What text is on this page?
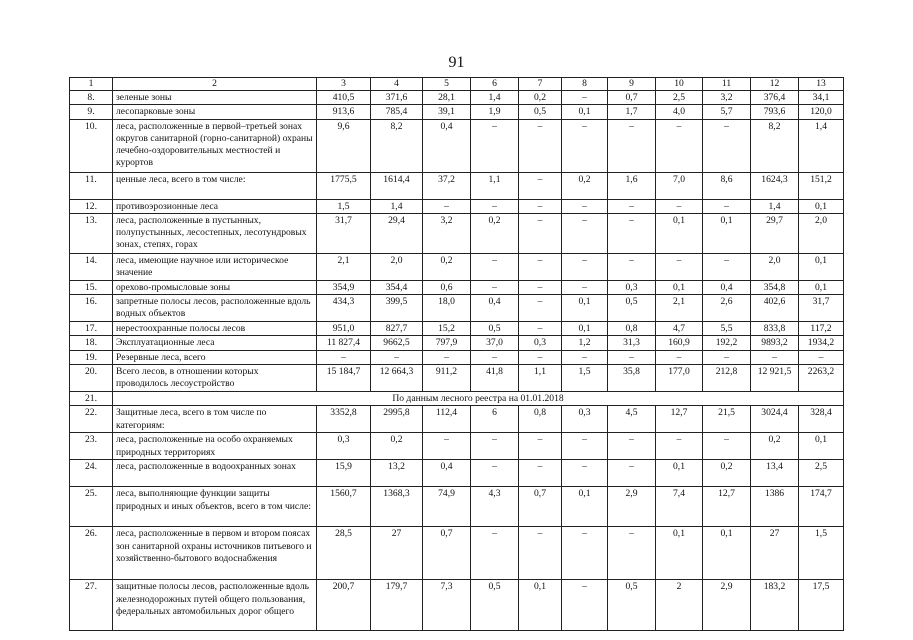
91
1	2	3	4	5	6	7	8	9	10	11	12	13
8.	зеленые зоны	410,5	371,6	28,1	1,4	0,2	–	0,7	2,5	3,2	376,4	34,1
9.	лесопарковые зоны	913,6	785,4	39,1	1,9	0,5	0,1	1,7	4,0	5,7	793,6	120,0
10.	леса, расположенные в первой–третьей зонах округов санитарной (горно-санитарной) охраны лечебно-оздоровительных местностей и курортов	9,6	8,2	0,4	–	–	–	–	–	–	8,2	1,4
11.	ценные леса, всего в том числе:	1775,5	1614,4	37,2	1,1	–	0,2	1,6	7,0	8,6	1624,3	151,2
12.	противоэрозионные леса	1,5	1,4	–	–	–	–	–	–	–	1,4	0,1
13.	леса, расположенные в пустынных, полупустынных, лесостепных, лесотундровых зонах, степях, горах	31,7	29,4	3,2	0,2	–	–	–	0,1	0,1	29,7	2,0
14.	леса, имеющие научное или историческое значение	2,1	2,0	0,2	–	–	–	–	–	–	2,0	0,1
15.	орехово-промысловые зоны	354,9	354,4	0,6	–	–	–	0,3	0,1	0,4	354,8	0,1
16.	запретные полосы лесов, расположенные вдоль водных объектов	434,3	399,5	18,0	0,4	–	0,1	0,5	2,1	2,6	402,6	31,7
17.	нерестоохранные полосы лесов	951,0	827,7	15,2	0,5	–	0,1	0,8	4,7	5,5	833,8	117,2
18.	Эксплуатационные леса	11 827,4	9662,5	797,9	37,0	0,3	1,2	31,3	160,9	192,2	9893,2	1934,2
19.	Резервные леса, всего	–	–	–	–	–	–	–	–	–	–	–
20.	Всего лесов, в отношении которых проводилось лесоустройство	15 184,7	12 664,3	911,2	41,8	1,1	1,5	35,8	177,0	212,8	12 921,5	2263,2
21.	По данным лесного реестра на 01.01.2018											
22.	Защитные леса, всего в том числе по категориям:	3352,8	2995,8	112,4	6	0,8	0,3	4,5	12,7	21,5	3024,4	328,4
23.	леса, расположенные на особо охраняемых природных территориях	0,3	0,2	–	–	–	–	–	–	–	0,2	0,1
24.	леса, расположенные в водоохранных зонах	15,9	13,2	0,4	–	–	–	–	0,1	0,2	13,4	2,5
25.	леса, выполняющие функции защиты природных и иных объектов, всего в том числе:	1560,7	1368,3	74,9	4,3	0,7	0,1	2,9	7,4	12,7	1386	174,7
26.	леса, расположенные в первом и втором поясах зон санитарной охраны источников питьевого и хозяйственно-бытового водоснабжения	28,5	27	0,7	–	–	–	–	0,1	0,1	27	1,5
27.	защитные полосы лесов, расположенные вдоль железнодорожных путей общего пользования, федеральных автомобильных дорог общего	200,7	179,7	7,3	0,5	0,1	–	0,5	2	2,9	183,2	17,5
